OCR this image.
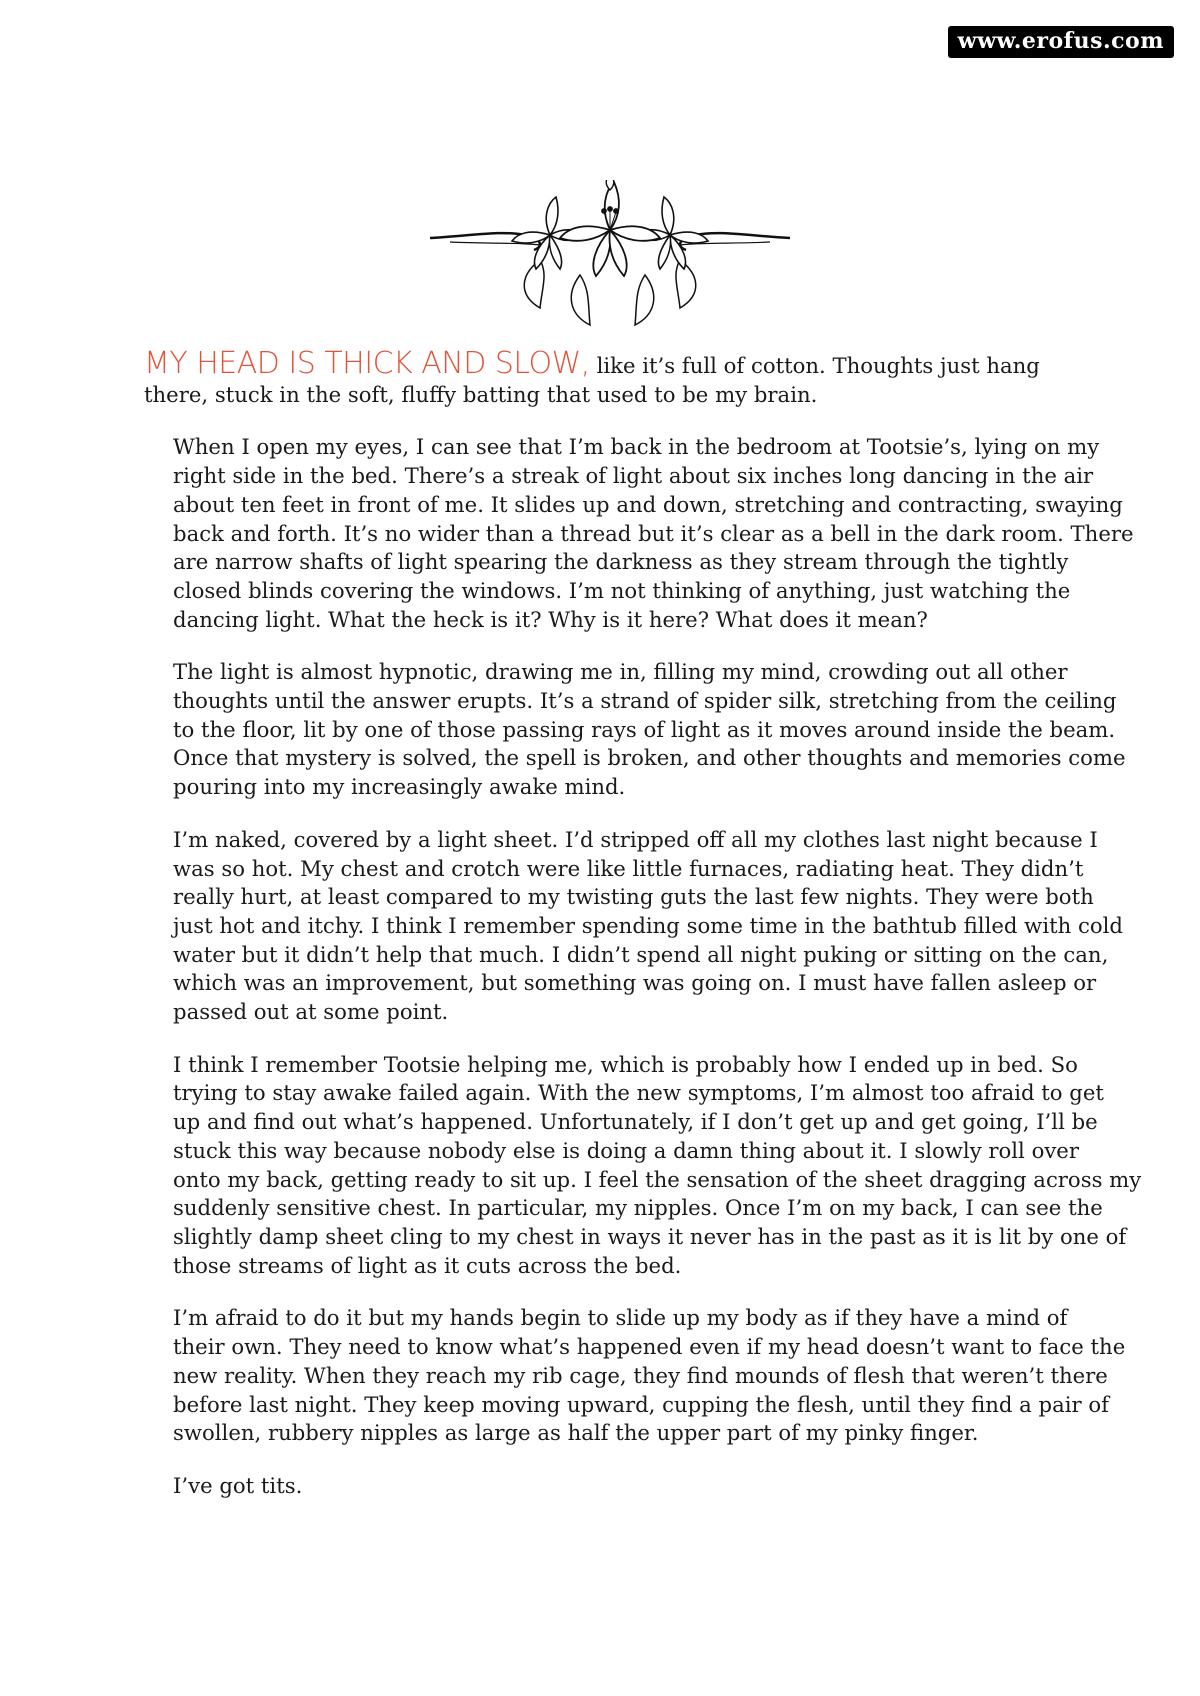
www.erofus.com

MY HEAD IS THICK AND SLOW, like it’s full of cotton. Thoughts just hang
there, stuck in the soft, fluffy batting that used to be my brain.

When I open my eyes, I can see that I’m back in the bedroom at Tootsie’s, lying on my
right side in the bed. There’s a streak of light about six inches long dancing in the air
about ten feet in front of me. It slides up and down, stretching and contracting, swaying
back and forth. It’s no wider than a thread but it’s clear as a bell in the dark room. There
are narrow shafts of light spearing the darkness as they stream through the tightly
closed blinds covering the windows. I’m not thinking of anything, just watching the
dancing light. What the heck is it? Why is it here? What does it mean?

The light is almost hypnotic, drawing me in, filling my mind, crowding out all other
thoughts until the answer erupts. It’s a strand of spider silk, stretching from the ceiling
to the floor, lit by one of those passing rays of light as it moves around inside the beam.
Once that mystery is solved, the spell is broken, and other thoughts and memories come
pouring into my increasingly awake mind.

I’m naked, covered by a light sheet. I’d stripped off all my clothes last night because I
was so hot. My chest and crotch were like little furnaces, radiating heat. They didn’t
really hurt, at least compared to my twisting guts the last few nights. They were both
just hot and itchy. I think I remember spending some time in the bathtub filled with cold
water but it didn’t help that much. I didn’t spend all night puking or sitting on the can,
which was an improvement, but something was going on. I must have fallen asleep or
passed out at some point.

I think I remember Tootsie helping me, which is probably how I ended up in bed. So
trying to stay awake failed again. With the new symptoms, I’m almost too afraid to get
up and find out what’s happened. Unfortunately, if I don’t get up and get going, I’ll be
stuck this way because nobody else is doing a damn thing about it. I slowly roll over
onto my back, getting ready to sit up. I feel the sensation of the sheet dragging across my
suddenly sensitive chest. In particular, my nipples. Once I’m on my back, I can see the
slightly damp sheet cling to my chest in ways it never has in the past as it is lit by one of
those streams of light as it cuts across the bed.

I’m afraid to do it but my hands begin to slide up my body as if they have a mind of
their own. They need to know what’s happened even if my head doesn’t want to face the
new reality. When they reach my rib cage, they find mounds of flesh that weren’t there
before last night. They keep moving upward, cupping the flesh, until they find a pair of
swollen, rubbery nipples as large as half the upper part of my pinky finger.

I’ve got tits.
